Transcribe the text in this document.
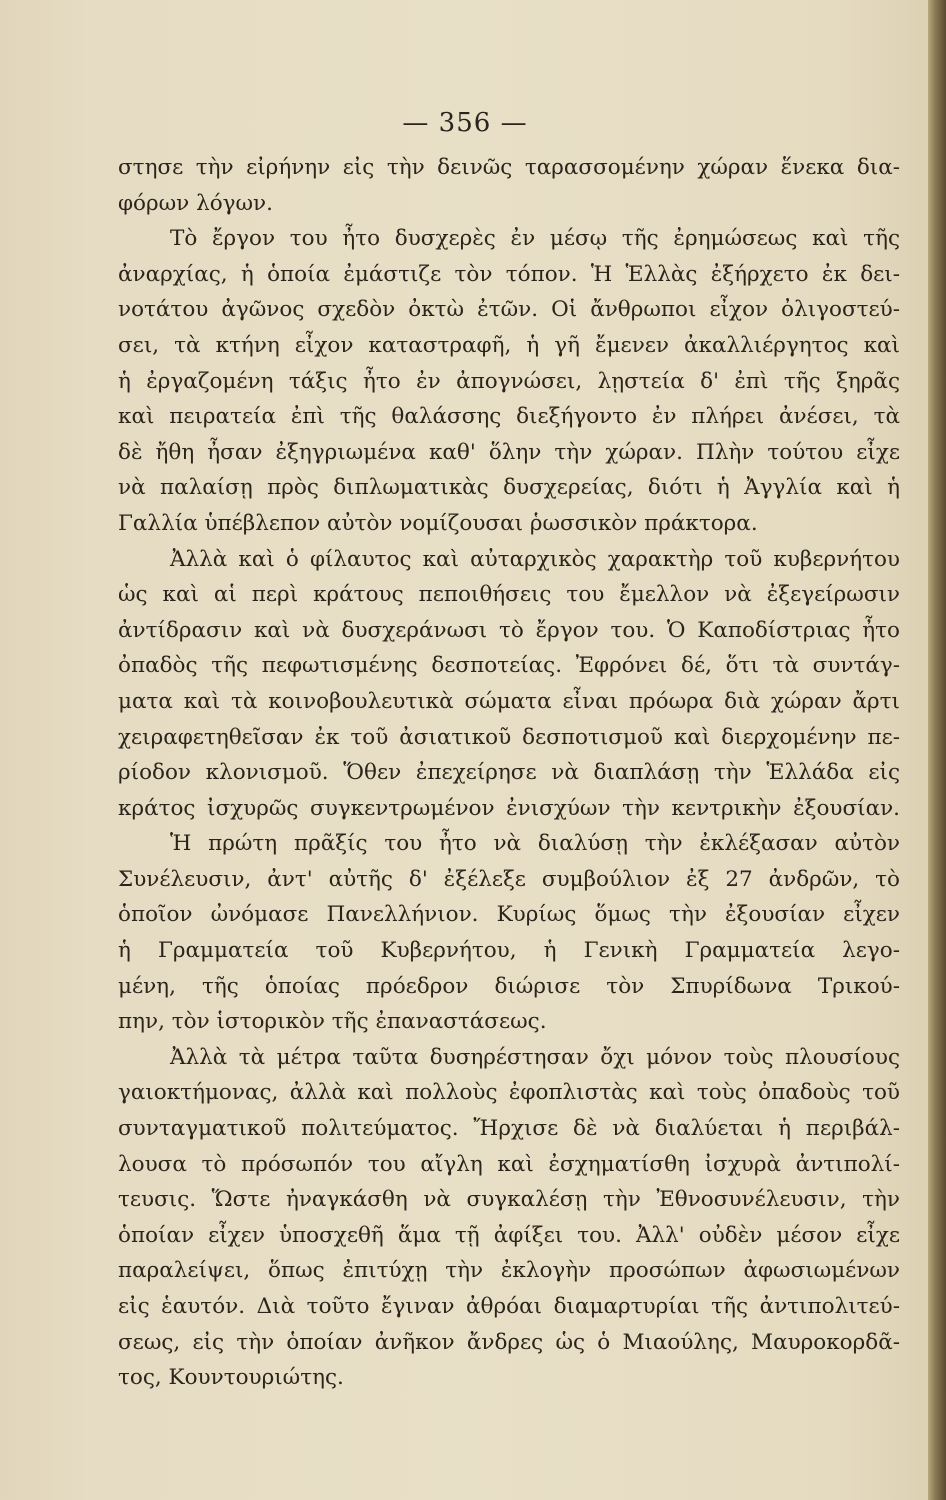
— 356 —
στησε τὴν εἰρήνην εἰς τὴν δεινῶς ταρασσομένην χώραν ἕνεκα δια-
φόρων λόγων.
Τὸ ἔργον του ἦτο δυσχερὲς ἐν μέσῳ τῆς ἐρημώσεως καὶ τῆς
ἀναρχίας, ἡ ὁποία ἐμάστιζε τὸν τόπον. Ἡ Ἑλλὰς ἐξήρχετο ἐκ δει-
νοτάτου ἀγῶνος σχεδὸν ὀκτὼ ἐτῶν. Οἱ ἄνθρωποι εἶχον ὀλιγοστεύ-
σει, τὰ κτήνη εἶχον καταστραφῆ, ἡ γῆ ἔμενεν ἀκαλλιέργητος καὶ
ἡ ἐργαζομένη τάξις ἦτο ἐν ἀπογνώσει, λῃστεία δ' ἐπὶ τῆς ξηρᾶς
καὶ πειρατεία ἐπὶ τῆς θαλάσσης διεξήγοντο ἐν πλήρει ἀνέσει, τὰ
δὲ ἤθη ἦσαν ἐξηγριωμένα καθ' ὅλην τὴν χώραν. Πλὴν τούτου εἶχε
νὰ παλαίσῃ πρὸς διπλωματικὰς δυσχερείας, διότι ἡ Ἀγγλία καὶ ἡ
Γαλλία ὑπέβλεπον αὐτὸν νομίζουσαι ῥωσσικὸν πράκτορα.
Ἀλλὰ καὶ ὁ φίλαυτος καὶ αὐταρχικὸς χαρακτὴρ τοῦ κυβερνήτου
ὡς καὶ αἱ περὶ κράτους πεποιθήσεις του ἔμελλον νὰ ἐξεγείρωσιν
ἀντίδρασιν καὶ νὰ δυσχεράνωσι τὸ ἔργον του. Ὁ Καποδίστριας ἦτο
ὀπαδὸς τῆς πεφωτισμένης δεσποτείας. Ἐφρόνει δέ, ὅτι τὰ συντάγ-
ματα καὶ τὰ κοινοβουλευτικὰ σώματα εἶναι πρόωρα διὰ χώραν ἄρτι
χειραφετηθεῖσαν ἐκ τοῦ ἀσιατικοῦ δεσποτισμοῦ καὶ διερχομένην πε-
ρίοδον κλονισμοῦ. Ὅθεν ἐπεχείρησε νὰ διαπλάσῃ τὴν Ἑλλάδα εἰς
κράτος ἰσχυρῶς συγκεντρωμένον ἐνισχύων τὴν κεντρικὴν ἐξουσίαν.
Ἡ πρώτη πρᾶξίς του ἦτο νὰ διαλύσῃ τὴν ἐκλέξασαν αὐτὸν
Συνέλευσιν, ἀντ' αὐτῆς δ' ἐξέλεξε συμβούλιον ἐξ 27 ἀνδρῶν, τὸ
ὁποῖον ὠνόμασε Πανελλήνιον. Κυρίως ὅμως τὴν ἐξουσίαν εἶχεν
ἡ Γραμματεία τοῦ Κυβερνήτου, ἡ Γενικὴ Γραμματεία λεγο-
μένη, τῆς ὁποίας πρόεδρον διώρισε τὸν Σπυρίδωνα Τρικού-
πην, τὸν ἱστορικὸν τῆς ἐπαναστάσεως.
Ἀλλὰ τὰ μέτρα ταῦτα δυσηρέστησαν ὄχι μόνον τοὺς πλουσίους
γαιοκτήμονας, ἀλλὰ καὶ πολλοὺς ἐφοπλιστὰς καὶ τοὺς ὀπαδοὺς τοῦ
συνταγματικοῦ πολιτεύματος. Ἤρχισε δὲ νὰ διαλύεται ἡ περιβάλ-
λουσα τὸ πρόσωπόν του αἴγλη καὶ ἐσχηματίσθη ἰσχυρὰ ἀντιπολί-
τευσις. Ὥστε ἠναγκάσθη νὰ συγκαλέσῃ τὴν Ἐθνοσυνέλευσιν, τὴν
ὁποίαν εἶχεν ὑποσχεθῆ ἅμα τῇ ἀφίξει του. Ἀλλ' οὐδὲν μέσον εἶχε
παραλείψει, ὅπως ἐπιτύχῃ τὴν ἐκλογὴν προσώπων ἀφωσιωμένων
εἰς ἑαυτόν. Διὰ τοῦτο ἔγιναν ἀθρόαι διαμαρτυρίαι τῆς ἀντιπολιτεύ-
σεως, εἰς τὴν ὁποίαν ἀνῆκον ἄνδρες ὡς ὁ Μιαούλης, Μαυροκορδᾶ-
τος, Κουντουριώτης.
